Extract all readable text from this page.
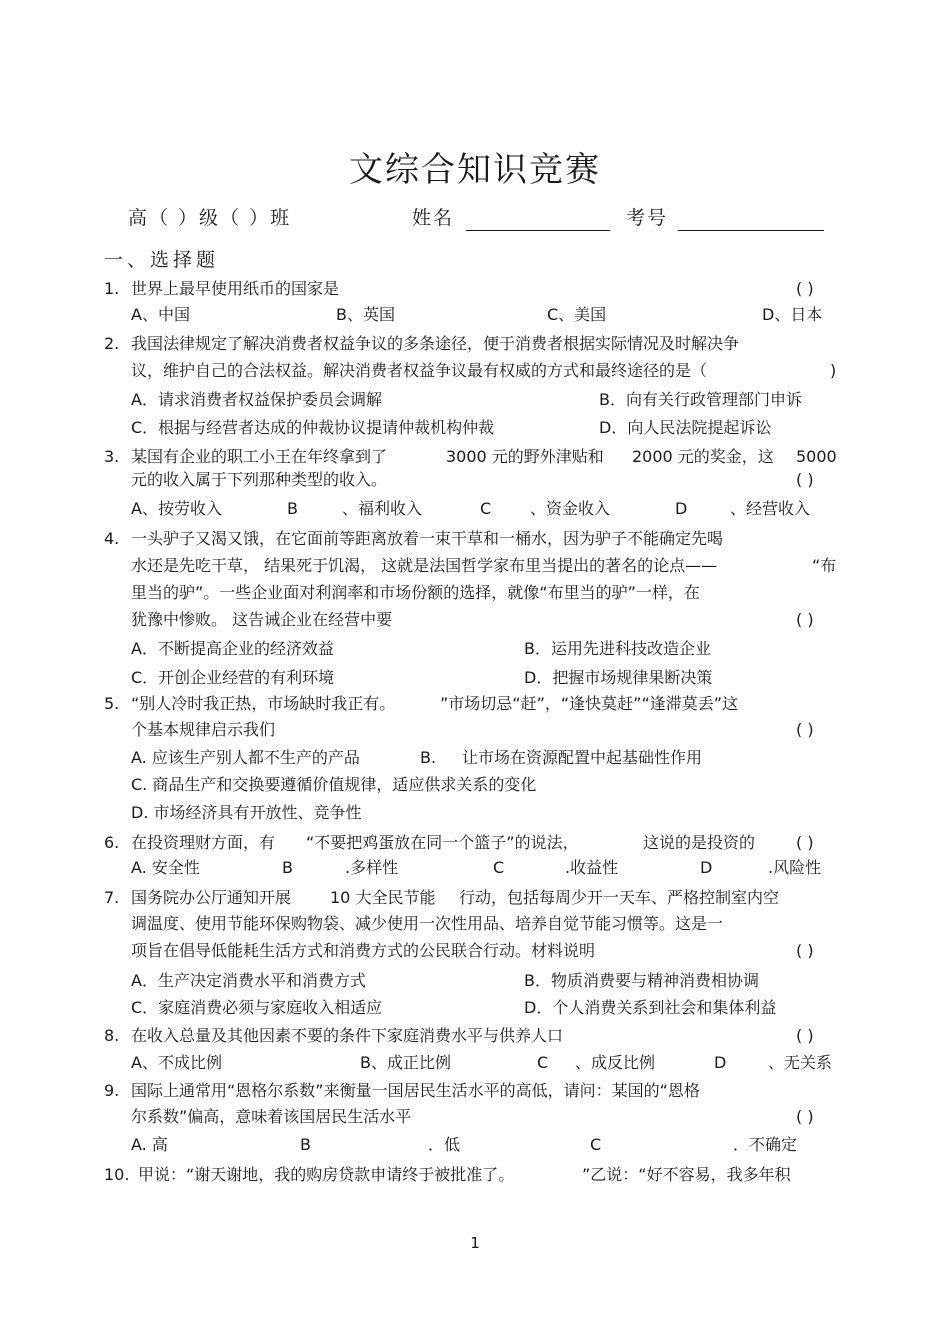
文综合知识竞赛
高（ ）级（ ）班	姓名	考号
一、选择题
1. 世界上最早使用纸币的国家是	( )
A、中国	B、英国	C、美国	D、日本
2. 我国法律规定了解决消费者权益争议的多条途径，便于消费者根据实际情况及时解决争
议，维护自己的合法权益。解决消费者权益争议最有权威的方式和最终途径的是（	)
A．请求消费者权益保护委员会调解	B．向有关行政管理部门申诉
C．根据与经营者达成的仲裁协议提请仲裁机构仲裁	D．向人民法院提起诉讼
3. 某国有企业的职工小王在年终拿到了	3000 元的野外津贴和 2000 元的奖金，这 5000
元的收入属于下列那种类型的收入。	( )
A、按劳收入	B	、福利收入	C 、资金收入	D	、经营收入
4. 一头驴子又渴又饿，在它面前等距离放着一束干草和一桶水，因为驴子不能确定先喝
水还是先吃干草， 结果死于饥渴， 这就是法国哲学家布里当提出的著名的论点——	“布
里当的驴”。一些企业面对利润率和市场份额的选择，就像“布里当的驴”一样，在
犹豫中惨败。 这告诫企业在经营中要	( )
A．不断提高企业的经济效益	B．运用先进科技改造企业
C．开创企业经营的有利环境	D．把握市场规律果断决策
5. “别人冷时我正热，市场缺时我正有。	”市场切忌“赶”，“逢快莫赶”“逢滞莫丢”这
个基本规律启示我们	( )
A. 应该生产别人都不生产的产品	B. 让市场在资源配置中起基础性作用
C. 商品生产和交换要遵循价值规律，适应供求关系的变化
D. 市场经济具有开放性、竞争性
6. 在投资理财方面，有 “不要把鸡蛋放在同一个篮子”的说法，	这说的是投资的	( )
A. 安全性	B	.多样性	C	.收益性	D	.风险性
7. 国务院办公厅通知开展 10 大全民节能 行动，包括每周少开一天车、严格控制室内空
调温度、使用节能环保购物袋、减少使用一次性用品、培养自觉节能习惯等。这是一
项旨在倡导低能耗生活方式和消费方式的公民联合行动。材料说明	( )
A．生产决定消费水平和消费方式	B．物质消费要与精神消费相协调
C．家庭消费必须与家庭收入相适应	D．个人消费关系到社会和集体利益
8. 在收入总量及其他因素不要的条件下家庭消费水平与供养人口	( )
A、不成比例	B、成正比例	C 、成反比例	D	、无关系
9. 国际上通常用“恩格尔系数”来衡量一国居民生活水平的高低，请问：某国的“恩格
尔系数”偏高，意味着该国居民生活水平	( )
A. 高	B	．低	C	．不确定
10. 甲说：“谢天谢地，我的购房贷款申请终于被批准了。	”乙说：“好不容易，我多年积
1
